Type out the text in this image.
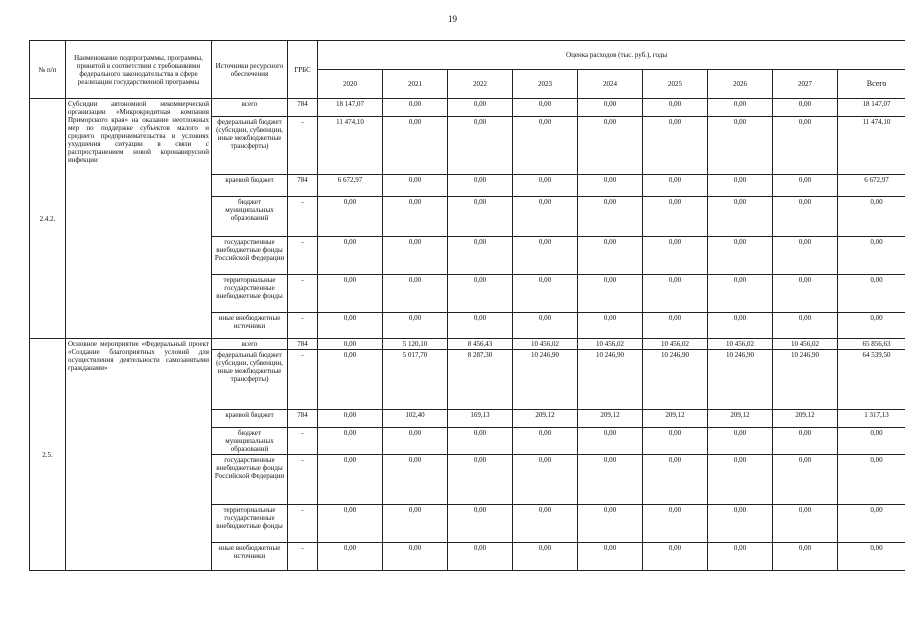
19
№ п/п	Наименование подпрограммы, программы, принятой в соответствии с требованиями федерального законодательства в сфере реализации государственной программы	Источники ресурсного обеспечения	ГРБС	Оценка расходов (тыс. руб.), годы								
				2020	2021	2022	2023	2024	2025	2026	2027	Всего
2.4.2.	Субсидии автономной некоммерческой организации «Микрокредитная компания Приморского края» на оказание неотложных мер по поддержке субъектов малого и среднего предпринимательства в условиях ухудшения ситуации в связи с распространением новой коронавирусной инфекции	всего	784	18 147,07	0,00	0,00	0,00	0,00	0,00	0,00	0,00	18 147,07
		федеральный бюджет (субсидии, субвенции, иные межбюджетные трансферты)	-	11 474,10	0,00	0,00	0,00	0,00	0,00	0,00	0,00	11 474,10
		краевой бюджет	784	6 672,97	0,00	0,00	0,00	0,00	0,00	0,00	0,00	6 672,97
		бюджет муниципальных образований	-	0,00	0,00	0,00	0,00	0,00	0,00	0,00	0,00	0,00
		государственные внебюджетные фонды Российской Федерации	-	0,00	0,00	0,00	0,00	0,00	0,00	0,00	0,00	0,00
		территориальные государственные внебюджетные фонды	-	0,00	0,00	0,00	0,00	0,00	0,00	0,00	0,00	0,00
		иные внебюджетные источники	-	0,00	0,00	0,00	0,00	0,00	0,00	0,00	0,00	0,00
2.5.	Основное мероприятие «Федеральный проект «Создание благоприятных условий для осуществления деятельности самозанятыми гражданами»	всего	784	0,00	5 120,10	8 456,43	10 456,02	10 456,02	10 456,02	10 456,02	10 456,02	65 856,63
		федеральный бюджет (субсидии, субвенции, иные межбюджетные трансферты)	-	0,00	5 017,70	8 287,30	10 246,90	10 246,90	10 246,90	10 246,90	10 246,90	64 539,50
		краевой бюджет	784	0,00	102,40	169,13	209,12	209,12	209,12	209,12	209,12	1 317,13
		бюджет муниципальных образований	-	0,00	0,00	0,00	0,00	0,00	0,00	0,00	0,00	0,00
		государственные внебюджетные фонды Российской Федерации	-	0,00	0,00	0,00	0,00	0,00	0,00	0,00	0,00	0,00
		территориальные государственные внебюджетные фонды	-	0,00	0,00	0,00	0,00	0,00	0,00	0,00	0,00	0,00
		иные внебюджетные источники	-	0,00	0,00	0,00	0,00	0,00	0,00	0,00	0,00	0,00
